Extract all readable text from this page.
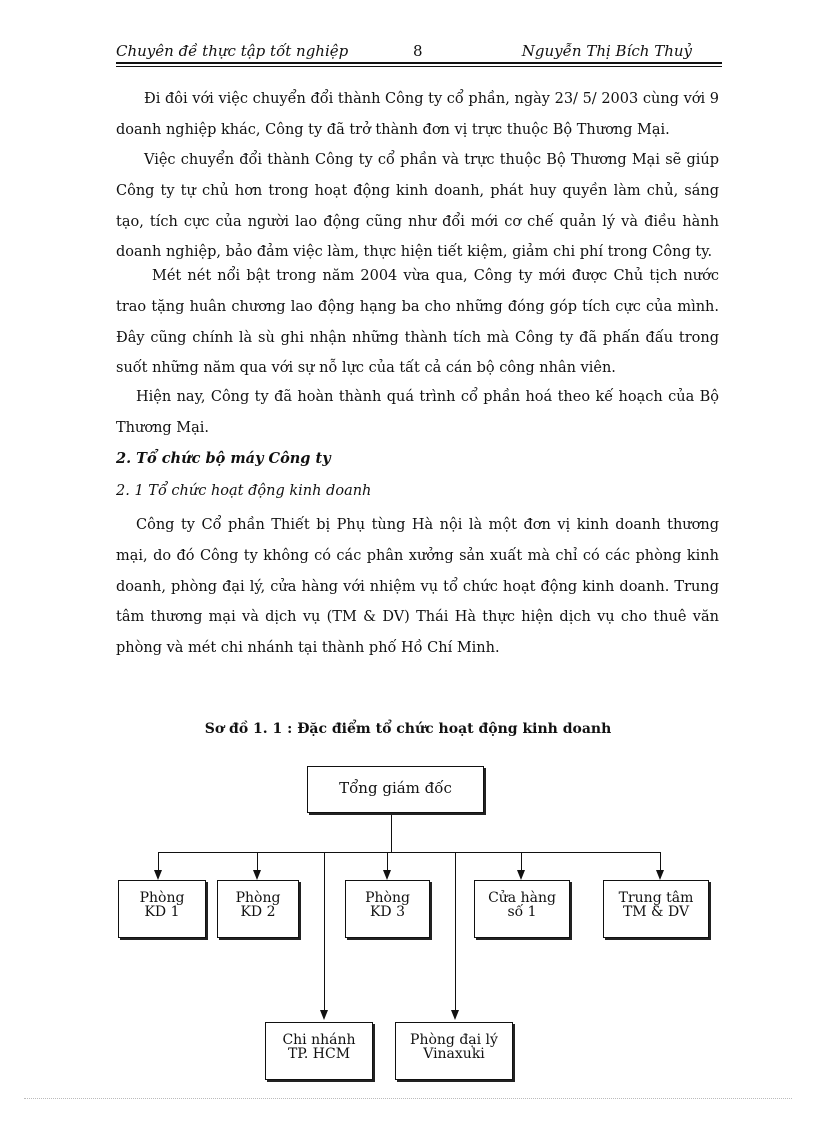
Chuyên đề thực tập tốt nghiệp	8	Nguyễn Thị Bích Thuỷ

Đi đôi với việc chuyển đổi thành Công ty cổ phần, ngày 23/ 5/ 2003 cùng với 9 doanh nghiệp khác, Công ty đã trở thành đơn vị trực thuộc Bộ Thương Mại.

Việc chuyển đổi thành Công ty cổ phần và trực thuộc Bộ Thương Mại sẽ giúp Công ty tự chủ hơn trong hoạt động kinh doanh, phát huy quyền làm chủ, sáng tạo, tích cực của người lao động cũng như đổi mới cơ chế quản lý và điều hành doanh nghiệp, bảo đảm việc làm, thực hiện tiết kiệm, giảm chi phí trong Công ty.

Mét nét nổi bật trong năm 2004 vừa qua, Công ty mới được Chủ tịch nước trao tặng huân chương lao động hạng ba cho những đóng góp tích cực của mình. Đây cũng chính là sù ghi nhận những thành tích mà Công ty đã phấn đấu trong suốt những năm qua với sự nỗ lực của tất cả cán bộ công nhân viên.

Hiện nay, Công ty đã hoàn thành quá trình cổ phần hoá theo kế hoạch của Bộ Thương Mại.

2. Tổ chức bộ máy Công ty

2. 1 Tổ chức hoạt động kinh doanh

Công ty Cổ phần Thiết bị Phụ tùng Hà nội là một đơn vị kinh doanh thương mại, do đó Công ty không có các phân xưởng sản xuất mà chỉ có các phòng kinh doanh, phòng đại lý, cửa hàng với nhiệm vụ tổ chức hoạt động kinh doanh. Trung tâm thương mại và dịch vụ (TM & DV) Thái Hà thực hiện dịch vụ cho thuê văn phòng và mét chi nhánh tại thành phố Hồ Chí Minh.

Sơ đồ 1. 1 : Đặc điểm tổ chức hoạt động kinh doanh
Tổng giám đốc
Phòng
KD 1
Phòng
KD 2
Phòng
KD 3
Cửa hàng
số 1
Trung tâm
TM & DV
Chi nhánh
TP. HCM
Phòng đại lý
Vinaxuki
